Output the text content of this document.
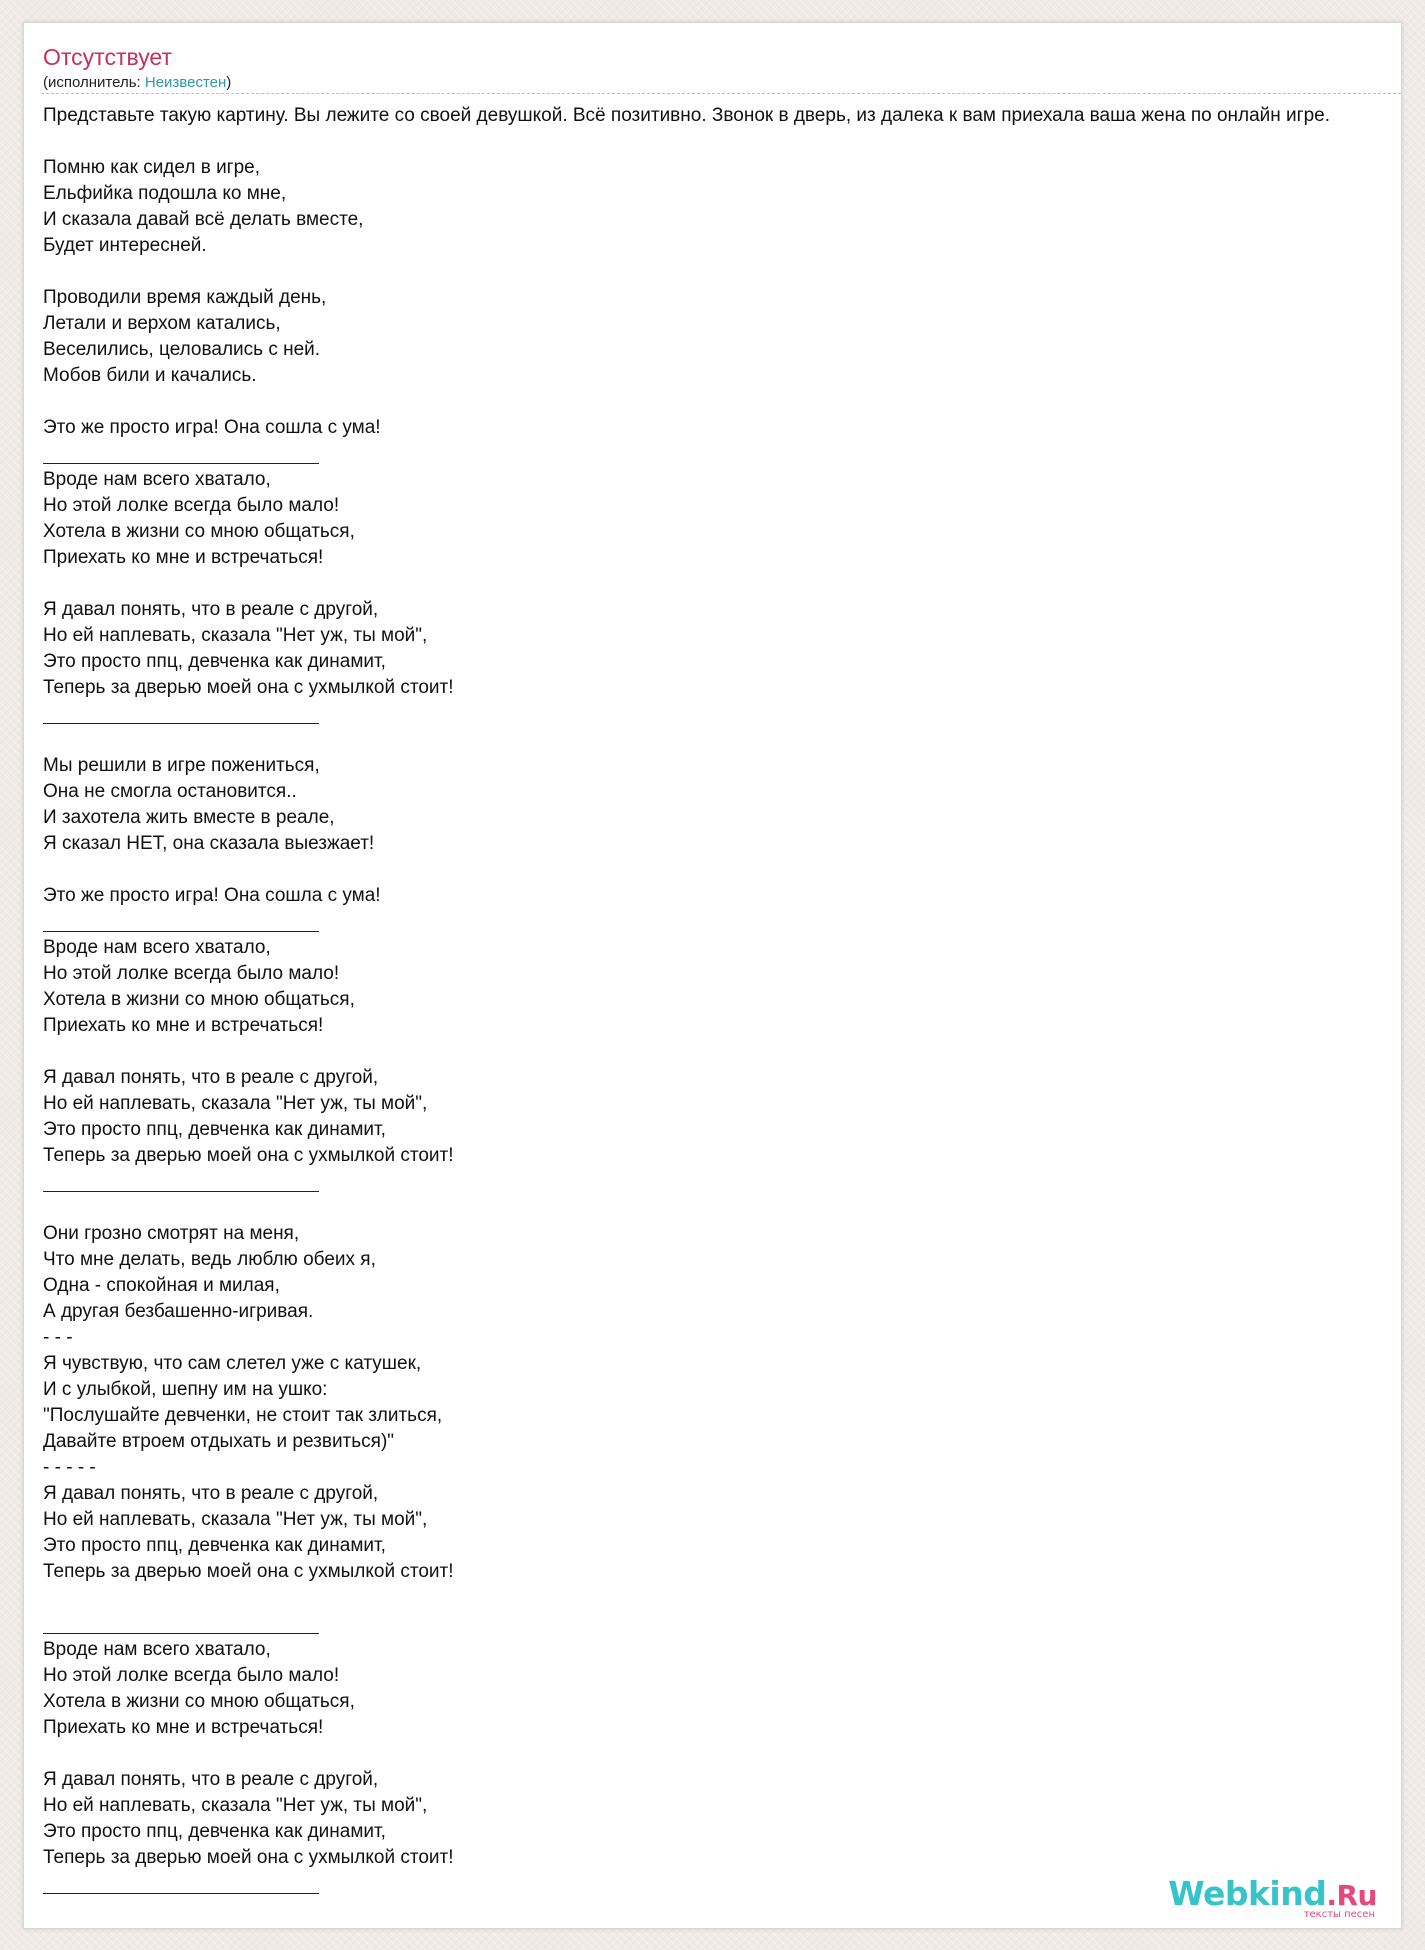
Отсутствует
(исполнитель: Неизвестен)
Представьте такую картину. Вы лежите со своей девушкой. Всё позитивно. Звонок в дверь, из далека к вам приехала ваша жена по онлайн игре.
Помню как сидел в игре,
Ельфийка подошла ко мне,
И сказала давай всё делать вместе,
Будет интересней.
Проводили время каждый день,
Летали и верхом катались,
Веселились, целовались с ней.
Мобов били и качались.
Это же просто игра! Она сошла с ума!
Вроде нам всего хватало,
Но этой лолке всегда было мало!
Хотела в жизни со мною общаться,
Приехать ко мне и встречаться!
Я давал понять, что в реале с другой,
Но ей наплевать, сказала "Нет уж, ты мой",
Это просто ппц, девченка как динамит,
Теперь за дверью моей она с ухмылкой стоит!
Мы решили в игре пожениться,
Она не смогла остановится..
И захотела жить вместе в реале,
Я сказал НЕТ, она сказала выезжает!
Это же просто игра! Она сошла с ума!
Вроде нам всего хватало,
Но этой лолке всегда было мало!
Хотела в жизни со мною общаться,
Приехать ко мне и встречаться!
Я давал понять, что в реале с другой,
Но ей наплевать, сказала "Нет уж, ты мой",
Это просто ппц, девченка как динамит,
Теперь за дверью моей она с ухмылкой стоит!
Они грозно смотрят на меня,
Что мне делать, ведь люблю обеих я,
Одна - спокойная и милая,
А другая безбашенно-игривая.
- - -
Я чувствую, что сам слетел уже с катушек,
И с улыбкой, шепну им на ушко:
"Послушайте девченки, не стоит так злиться,
Давайте втроем отдыхать и резвиться)"
- - - - -
Я давал понять, что в реале с другой,
Но ей наплевать, сказала "Нет уж, ты мой",
Это просто ппц, девченка как динамит,
Теперь за дверью моей она с ухмылкой стоит!
Вроде нам всего хватало,
Но этой лолке всегда было мало!
Хотела в жизни со мною общаться,
Приехать ко мне и встречаться!
Я давал понять, что в реале с другой,
Но ей наплевать, сказала "Нет уж, ты мой",
Это просто ппц, девченка как динамит,
Теперь за дверью моей она с ухмылкой стоит!
Webkind.Ru
тексты песен
